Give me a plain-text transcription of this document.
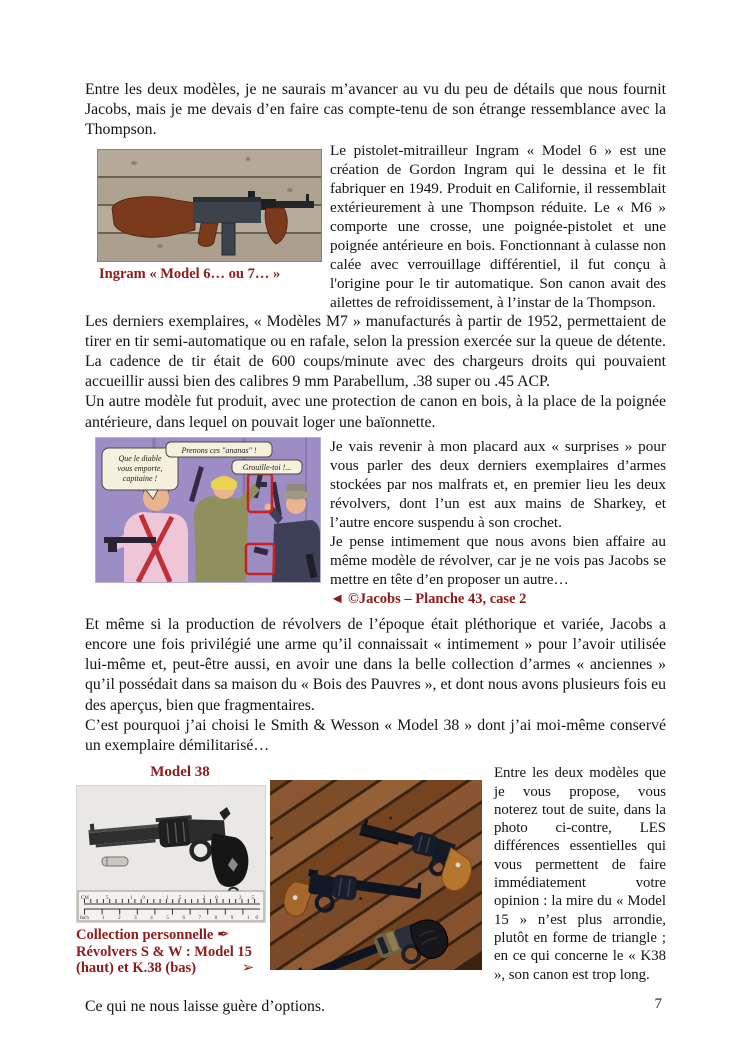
Entre les deux modèles, je ne saurais m’avancer au vu du peu de détails que nous fournit Jacobs, mais je me devais d’en faire cas compte-tenu de son étrange ressemblance avec la Thompson.

Ingram « Model 6… ou 7… »

Le pistolet-mitrailleur Ingram « Model 6 » est une création de Gordon Ingram qui le dessina et le fit fabriquer en 1949. Produit en Californie, il ressemblait extérieurement à une Thompson réduite. Le « M6 » comporte une crosse, une poignée-pistolet et une poignée antérieure en bois. Fonctionnant à culasse non calée avec verrouillage différentiel, il fut conçu à l'origine pour le tir automatique. Son canon avait des ailettes de refroidissement, à l’instar de la Thompson.

Les derniers exemplaires, « Modèles M7 » manufacturés à partir de 1952, permettaient de tirer en tir semi-automatique ou en rafale, selon la pression exercée sur la queue de détente. La cadence de tir était de 600 coups/minute avec des chargeurs droits qui pouvaient accueillir aussi bien des calibres 9 mm Parabellum, .38 super ou .45 ACP.

Un autre modèle fut produit, avec une protection de canon en bois, à la place de la poignée antérieure, dans lequel on pouvait loger une baïonnette.

Que le diable
vous emporte,
capitaine !
Prenons ces "ananas" !
Grouille-toi !...

Je vais revenir à mon placard aux « surprises » pour vous parler des deux derniers exemplaires d’armes stockées par nos malfrats et, en premier lieu les deux révolvers, dont l’un est aux mains de Sharkey, et l’autre encore suspendu à son crochet.

Je pense intimement que nous avons bien affaire au même modèle de révolver, car je ne vois pas Jacobs se mettre en tête d’en proposer un autre…

◄ ©Jacobs – Planche 43, case 2

Et même si la production de révolvers de l’époque était pléthorique et variée, Jacobs a encore une fois privilégié une arme qu’il connaissait « intimement » pour l’avoir utilisée lui-même et, peut-être aussi, en avoir une dans la belle collection d’armes « anciennes » qu’il possédait dans sa maison du « Bois des Pauvres », et dont nous avons plusieurs fois eu des aperçus, bien que fragmentaires.

C’est pourquoi j’ai choisi le Smith & Wesson « Model 38 » dont j’ai moi-même conservé un exemplaire démilitarisé…

Model 38
CM	5 10 15 20 25
Inch	1 2 3 4 5 6 7 8 9 10
Collection personnelle ✒
Révolvers S & W : Model 15
(haut) et K.38 (bas)	➢

Entre les deux modèles que je vous propose, vous noterez tout de suite, dans la photo ci-contre, LES différences essentielles qui vous permettent de faire immédiatement votre opinion : la mire du « Model 15 » n’est plus arrondie, plutôt en forme de triangle ; en ce qui concerne le « K38 », son canon est trop long.

Ce qui ne nous laisse guère d’options.	7
